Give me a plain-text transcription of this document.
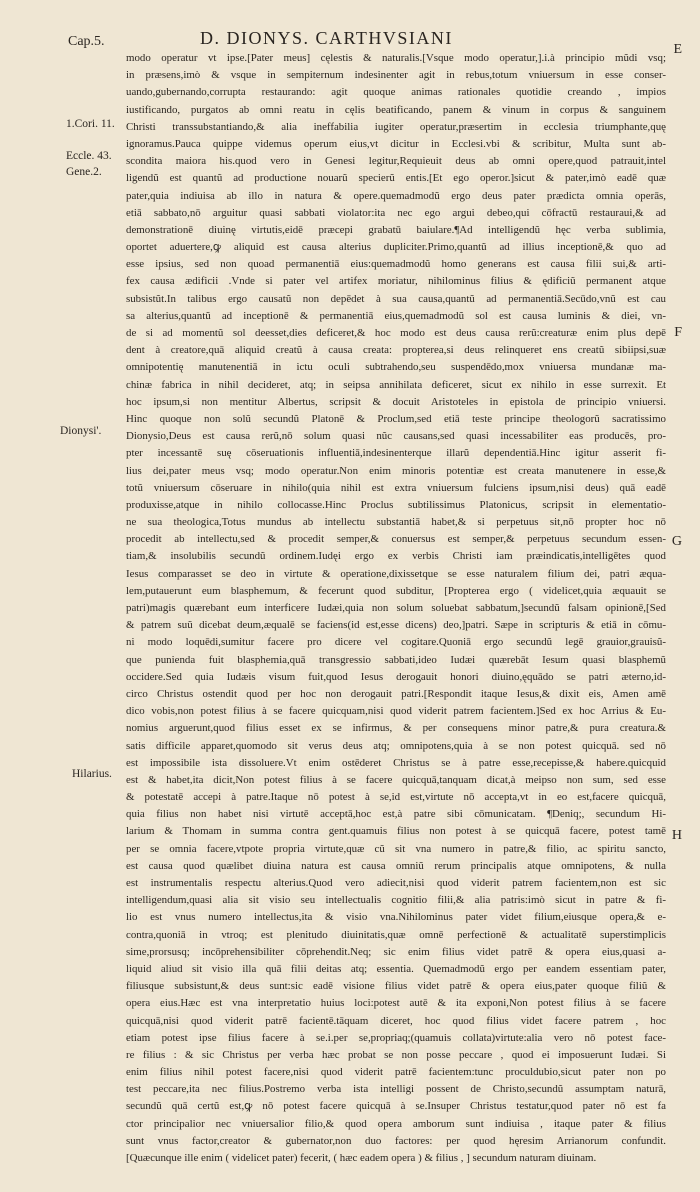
Cap.5.	D. DIONYS. CARTHVSIANI
E
1.Cori. 11.
Eccle. 43.
Gene.2.
Dionysi'.
Hilarius.
F
G
H
modo operatur vt ipse.[Pater meus] cęlestis & naturalis.[Vsque modo operatur,].i.à principio mũdi vsq;
in præsens,imò & vsque in sempiternum indesinenter agit in rebus,totum vniuersum in esse conser-
uando,gubernando,corrupta restaurando: agit quoque animas rationales quotidie creando , impios
iustificando, purgatos ab omni reatu in cęlis beatificando, panem & vinum in corpus & sanguinem
Christi transsubstantiando,& alia ineffabilia iugiter operatur,præsertim in ecclesia triumphante,quę
ignoramus.Pauca quippe videmus operum eius,vt dicitur in Ecclesi.vbi & scribitur, Multa sunt ab-
scondita maiora his.quod vero in Genesi legitur,Requieuit deus ab omni opere,quod patrauit,intel
ligendũ est quantũ ad productione nouarũ specierũ entis.[Et ego operor.]sicut & pater,imò eadē quæ
pater,quia indiuisa ab illo in natura & opere.quemadmodũ ergo deus pater prædicta omnia operās,
etiā sabbato,nō arguitur quasi sabbati violator:ita nec ego argui debeo,qui cōfractū restauraui,& ad
demonstrationē diuinę virtutis,eidē præcepi grabatū baiulare.¶Ad intelligendũ hęc verba sublimia,
oportet aduertere,ꝙ aliquid est causa alterius dupliciter.Primo,quantũ ad illius inceptionē,& quo ad
esse ipsius, sed non quoad permanentiā eius:quemadmodũ homo generans est causa filii sui,& arti-
fex causa ædificii .Vnde si pater vel artifex moriatur, nihilominus filius & ędificiũ permanent atque
subsistũt.In talibus ergo causatũ non depēdet à sua causa,quantũ ad permanentiā.Secūdo,vnũ est cau
sa alterius,quantũ ad inceptionē & permanentiā eius,quemadmodũ sol est causa luminis & diei, vn-
de si ad momentũ sol deesset,dies deficeret,& hoc modo est deus causa rerũ:creaturæ enim plus depē
dent à creatore,quā aliquid creatũ à causa creata: propterea,si deus relinqueret ens creatũ sibiipsi,suæ
omnipotentię manutenentiā in ictu oculi subtrahendo,seu suspendēdo,mox vniuersa mundanæ ma-
chinæ fabrica in nihil decideret, atq; in seipsa annihilata deficeret, sicut ex nihilo in esse surrexit. Et
hoc ipsum,si non mentitur Albertus, scripsit & docuit Aristoteles in epistola de principio vniuersi.
Hinc quoque non solũ secundũ Platonē & Proclum,sed etiā teste principe theologorũ sacratissimo
Dionysio,Deus est causa rerũ,nō solum quasi nũc causans,sed quasi incessabiliter eas producēs, pro-
pter incessantē suę cōseruationis influentiā,indesinenterque illarũ dependentiā.Hinc igitur asserit fi-
lius dei,pater meus vsq; modo operatur.Non enim minoris potentiæ est creata manutenere in esse,&
totũ vniuersum cōseruare in nihilo(quia nihil est extra vniuersum fulciens ipsum,nisi deus) quā eadē
produxisse,atque in nihilo collocasse.Hinc Proclus subtilissimus Platonicus, scripsit in elementatio-
ne sua theologica,Totus mundus ab intellectu substantiā habet,& si perpetuus sit,nō propter hoc nō
procedit ab intellectu,sed & procedit semper,& conuersus est semper,& perpetuus secundum essen-
tiam,& insolubilis secundũ ordinem.Iudęi ergo ex verbis Christi iam præindicatis,intelligētes quod
Iesus comparasset se deo in virtute & operatione,dixissetque se esse naturalem filium dei, patri æqua-
lem,putauerunt eum blasphemum, & fecerunt quod subditur, [Propterea ergo ( videlicet,quia æquauit se
patri)magis quærebant eum interficere Iudæi,quia non solum soluebat sabbatum,]secundũ falsam opinionē,[Sed
& patrem suũ dicebat deum,æqualē se faciens(id est,esse dicens) deo,]patri. Sæpe in scripturis & etiā in cōmu-
ni modo loquēdi,sumitur facere pro dicere vel cogitare.Quoniā ergo secundũ legē grauior,grauisũ-
que punienda fuit blasphemia,quā transgressio sabbati,ideo Iudæi quærebāt Iesum quasi blasphemũ
occidere.Sed quia Iudæis visum fuit,quod Iesus derogauit honori diuino,ęquādo se patri æterno,id-
circo Christus ostendit quod per hoc non derogauit patri.[Respondit itaque Iesus,& dixit eis, Amen amē
dico vobis,non potest filius à se facere quicquam,nisi quod viderit patrem facientem.]Sed ex hoc Arrius & Eu-
nomius arguerunt,quod filius esset ex se infirmus, & per consequens minor patre,& pura creatura.&
satis difficile apparet,quomodo sit verus deus atq; omnipotens,quia à se non potest quicquā. sed nō
est impossibile ista dissoluere.Vt enim ostēderet Christus se à patre esse,recepisse,& habere.quicquid
est & habet,ita dicit,Non potest filius à se facere quicquā,tanquam dicat,à meipso non sum, sed esse
& potestatē accepi à patre.Itaque nō potest à se,id est,virtute nō accepta,vt in eo est,facere quicquā,
quia filius non habet nisi virtutē acceptā,hoc est,à patre sibi cōmunicatam. ¶Deniq;, secundum Hi-
larium & Thomam in summa contra gent.quamuis filius non potest à se quicquā facere, potest tamē
per se omnia facere,vtpote propria virtute,quæ cũ sit vna numero in patre,& filio, ac spiritu sancto,
est causa quod quælibet diuina natura est causa omniũ rerum principalis atque omnipotens, & nulla
est instrumentalis respectu alterius.Quod vero adiecit,nisi quod viderit patrem facientem,non est sic
intelligendum,quasi alia sit visio seu intellectualis cognitio filii,& alia patris:imò sicut in patre & fi-
lio est vnus numero intellectus,ita & visio vna.Nihilominus pater videt filium,eiusque opera,& e-
contra,quoniā in vtroq; est plenitudo diuinitatis,quæ omnē perfectionē & actualitatē superstimplicis
sime,prorsusq; incōprehensibiliter cōprehendit.Neq; sic enim filius videt patrē & opera eius,quasi a-
liquid aliud sit visio illa quā filii deitas atq; essentia. Quemadmodũ ergo per eandem essentiam pater,
filiusque subsistunt,& deus sunt:sic eadē visione filius videt patrē & opera eius,pater quoque filiũ &
opera eius.Hæc est vna interpretatio huius loci:potest autē & ita exponi,Non potest filius à se facere
quicquā,nisi quod viderit patrē facientē.tāquam diceret, hoc quod filius videt facere patrem , hoc
etiam potest ipse filius facere à se.i.per se,propriaq;(quamuis collata)virtute:alia vero nō potest face-
re filius : & sic Christus per verba hæc probat se non posse peccare , quod ei imposuerunt Iudæi. Si
enim filius nihil potest facere,nisi quod viderit patrē facientem:tunc proculdubio,sicut pater non po
test peccare,ita nec filius.Postremo verba ista intelligi possent de Christo,secundũ assumptam naturā,
secundũ quā certũ est,ꝙ nō potest facere quicquā à se.Insuper Christus testatur,quod pater nō est fa
ctor principalior nec vniuersalior filio,& quod opera amborum sunt indiuisa , itaque pater & filius
sunt vnus factor,creator & gubernator,non duo factores: per quod hęresim Arrianorum confundit.
[Quæcunque ille enim ( videlicet pater) fecerit, ( hæc eadem opera ) & filius , ] secundum naturam diuinam.
